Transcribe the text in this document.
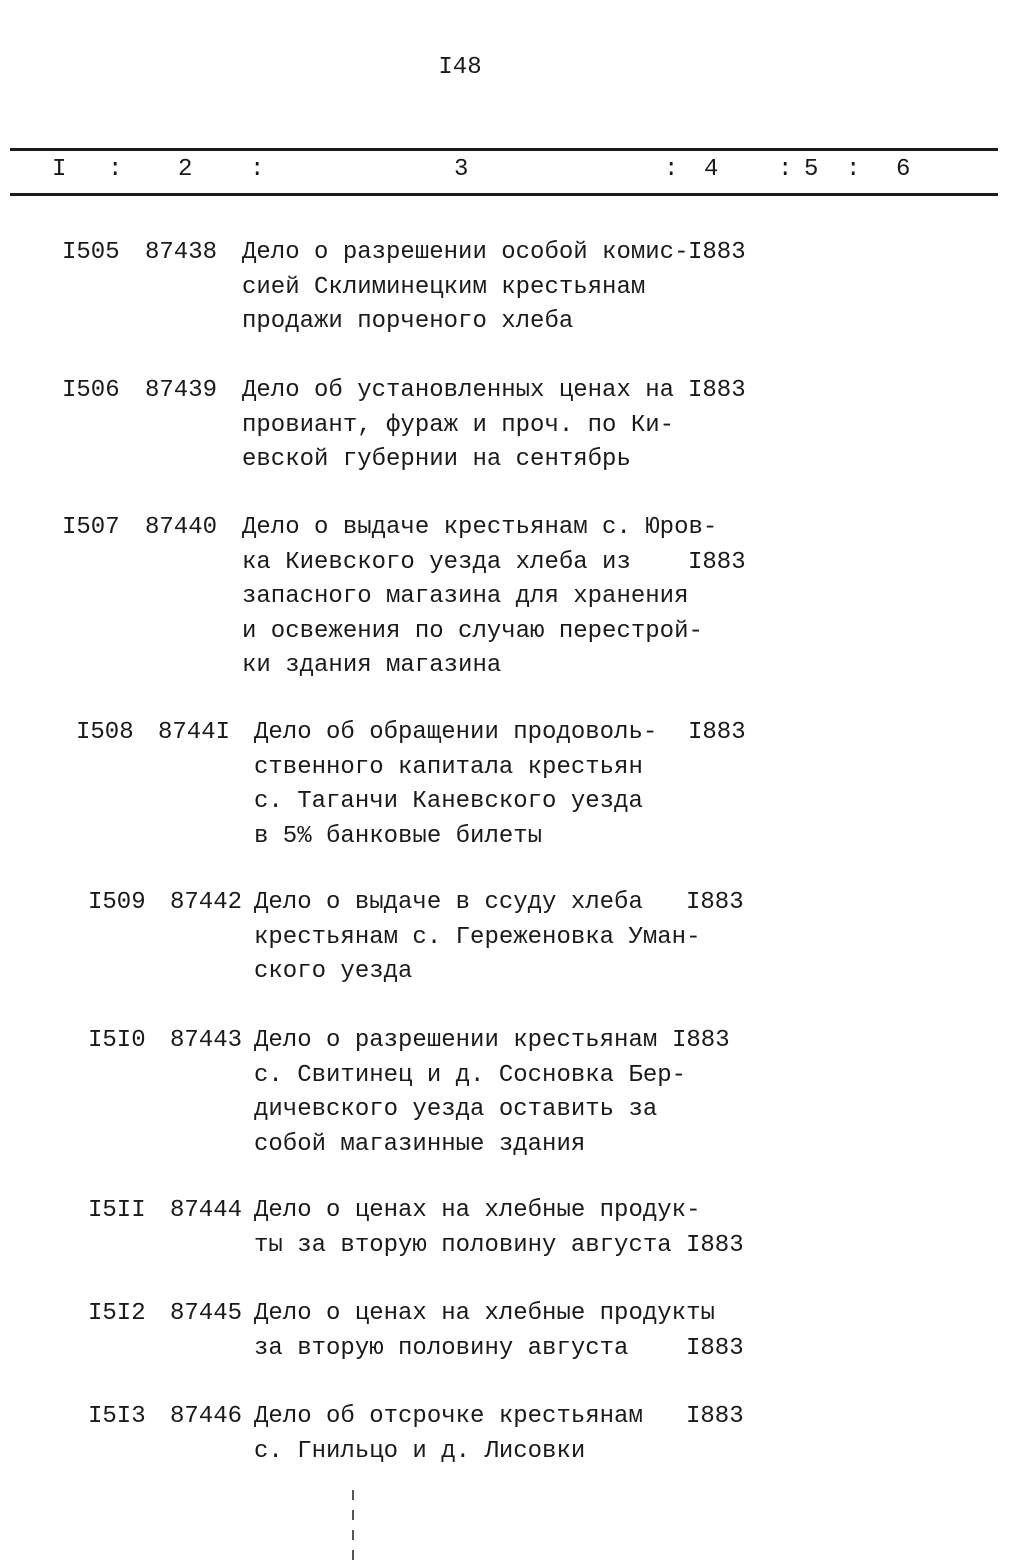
I48
I : 2 :	3	: 4 : 5 : 6
I505 87438 Дело о разрешении особой комис-
сией Склиминецким крестьянам
продажи порченого хлеба
I883
I506 87439 Дело об установленных ценах на
провиант, фураж и проч. по Ки-
евской губернии на сентябрь
I883
I507 87440 Дело о выдаче крестьянам с. Юров-
ка Киевского уезда хлеба из
запасного магазина для хранения
и освежения по случаю перестрой-
ки здания магазина
I883
I508 8744I Дело об обращении продоволь-
ственного капитала крестьян
с. Таганчи Каневского уезда
в 5% банковые билеты
I883
I509 87442 Дело о выдаче в ссуду хлеба
крестьянам с. Гереженовка Уман-
ского уезда
I883
I5I0 87443 Дело о разрешении крестьянам
с. Свитинец и д. Сосновка Бер-
дичевского уезда оставить за
собой магазинные здания
I883
I5II 87444 Дело о ценах на хлебные продук-
ты за вторую половину августа I883
I5I2 87445 Дело о ценах на хлебные продукты
за вторую половину августа	I883
I5I3 87446 Дело об отсрочке крестьянам
с. Гнильцо и д. Лисовки
I883
